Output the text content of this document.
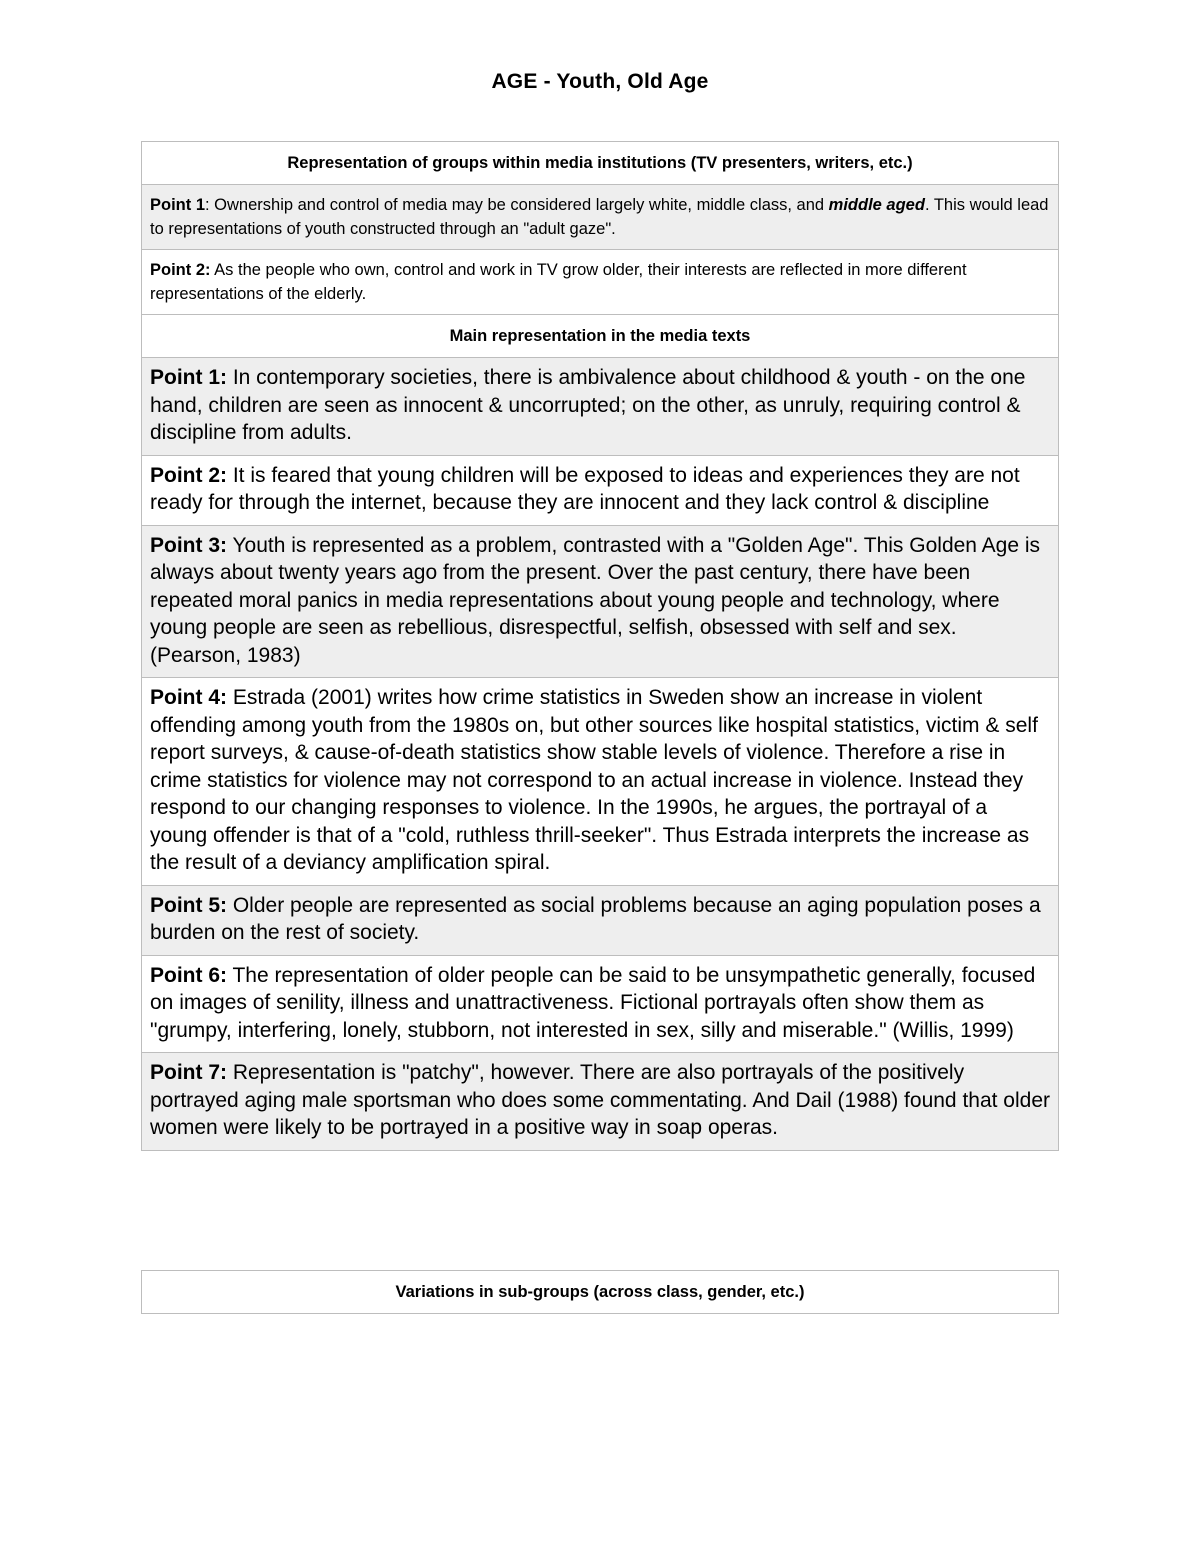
AGE - Youth, Old Age
Representation of groups within media institutions (TV presenters, writers, etc.)
Point 1: Ownership and control of media may be considered largely white, middle class, and middle aged. This would lead to representations of youth constructed through an "adult gaze".
Point 2: As the people who own, control and work in TV grow older, their interests are reflected in more different representations of the elderly.
Main representation in the media texts
Point 1: In contemporary societies, there is ambivalence about childhood & youth - on the one hand, children are seen as innocent & uncorrupted; on the other, as unruly, requiring control & discipline from adults.
Point 2: It is feared that young children will be exposed to ideas and experiences they are not ready for through the internet, because they are innocent and they lack control & discipline
Point 3: Youth is represented as a problem, contrasted with a "Golden Age". This Golden Age is always about twenty years ago from the present. Over the past century, there have been repeated moral panics in media representations about young people and technology, where young people are seen as rebellious, disrespectful, selfish, obsessed with self and sex. (Pearson, 1983)
Point 4: Estrada (2001) writes how crime statistics in Sweden show an increase in violent offending among youth from the 1980s on, but other sources like hospital statistics, victim & self report surveys, & cause-of-death statistics show stable levels of violence. Therefore a rise in crime statistics for violence may not correspond to an actual increase in violence. Instead they respond to our changing responses to violence. In the 1990s, he argues, the portrayal of a young offender is that of a "cold, ruthless thrill-seeker". Thus Estrada interprets the increase as the result of a deviancy amplification spiral.
Point 5: Older people are represented as social problems because an aging population poses a burden on the rest of society.
Point 6: The representation of older people can be said to be unsympathetic generally, focused on images of senility, illness and unattractiveness. Fictional portrayals often show them as "grumpy, interfering, lonely, stubborn, not interested in sex, silly and miserable." (Willis, 1999)
Point 7: Representation is "patchy", however. There are also portrayals of the positively portrayed aging male sportsman who does some commentating. And Dail (1988) found that older women were likely to be portrayed in a positive way in soap operas.
Variations in sub-groups (across class, gender, etc.)
